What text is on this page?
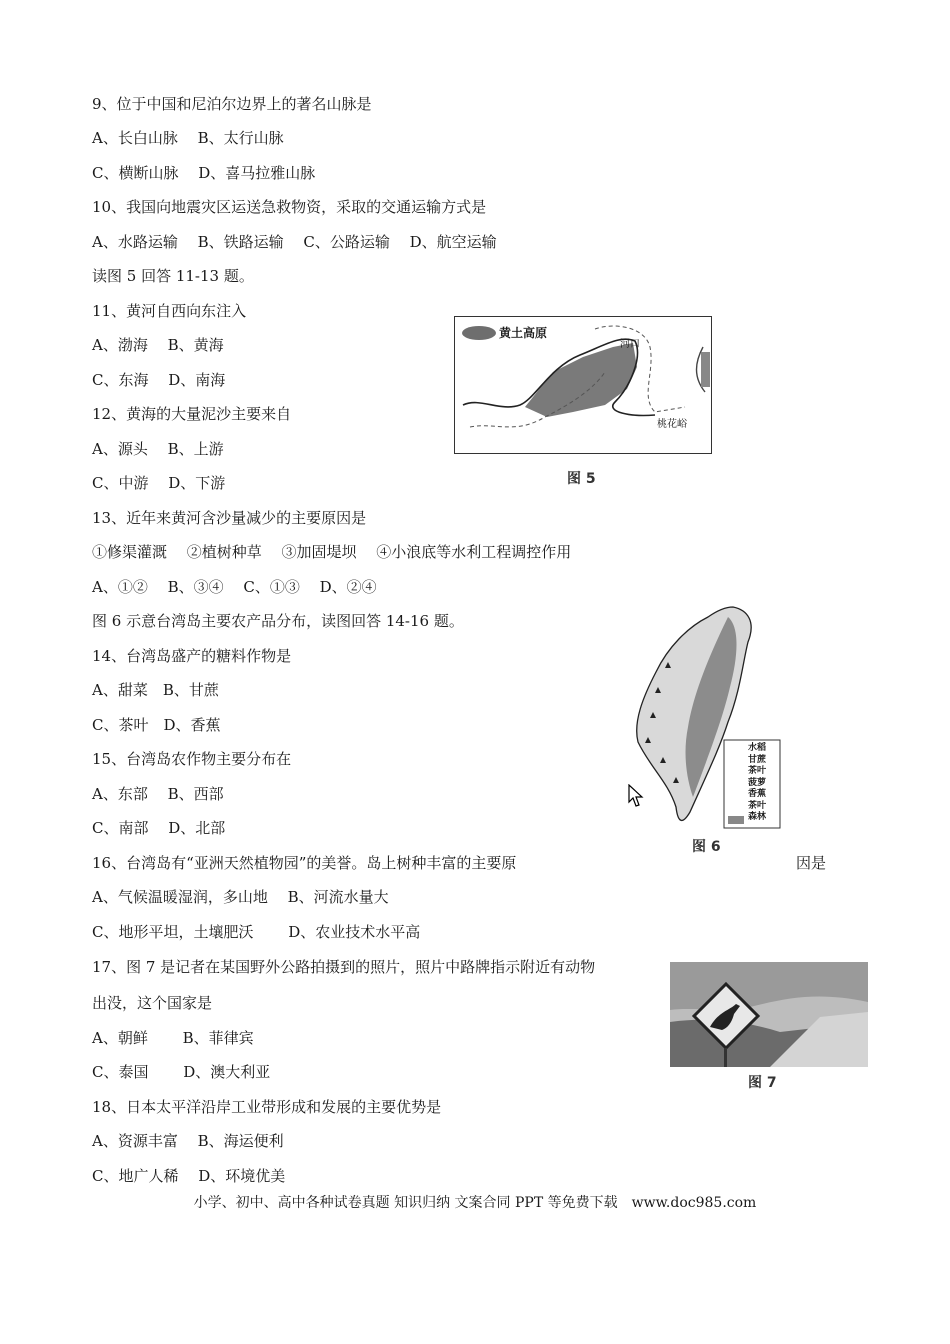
9、位于中国和尼泊尔边界上的著名山脉是
A、长白山脉　 B、太行山脉
C、横断山脉　 D、喜马拉雅山脉
10、我国向地震灾区运送急救物资，采取的交通运输方式是
A、水路运输　 B、铁路运输　 C、公路运输　 D、航空运输
读图 5 回答 11-13 题。
11、黄河自西向东注入
A、渤海　 B、黄海
C、东海　 D、南海
12、黄海的大量泥沙主要来自
A、源头　 B、上游
C、中游　 D、下游
13、近年来黄河含沙量减少的主要原因是
①修渠灌溉　 ②植树种草　 ③加固堤坝　 ④小浪底等水利工程调控作用
A、①②　 B、③④　 C、①③　 D、②④
图 6 示意台湾岛主要农产品分布，读图回答 14-16 题。
14、台湾岛盛产的糖料作物是
A、甜菜　B、甘蔗
C、茶叶　D、香蕉
15、台湾岛农作物主要分布在
A、东部　 B、西部
C、南部　 D、北部
16、台湾岛有“亚洲天然植物园”的美誉。岛上树种丰富的主要原	因是
A、气候温暖湿润，多山地　 B、河流水量大
C、地形平坦，土壤肥沃　　 D、农业技术水平高
17、图 7 是记者在某国野外公路拍摄到的照片，照片中路牌指示附近有动物
出没，这个国家是
A、朝鲜　　 B、菲律宾
C、泰国　　 D、澳大利亚
18、日本太平洋沿岸工业带形成和发展的主要优势是
A、资源丰富　 B、海运便利
C、地广人稀　 D、环境优美
黄土高原
河口
桃花峪
图 5
水稻
甘蔗
茶叶
菠萝
香蕉
茶叶
森林
图 6
图 7
小学、初中、高中各种试卷真题 知识归纳 文案合同 PPT 等免费下载　www.doc985.com
